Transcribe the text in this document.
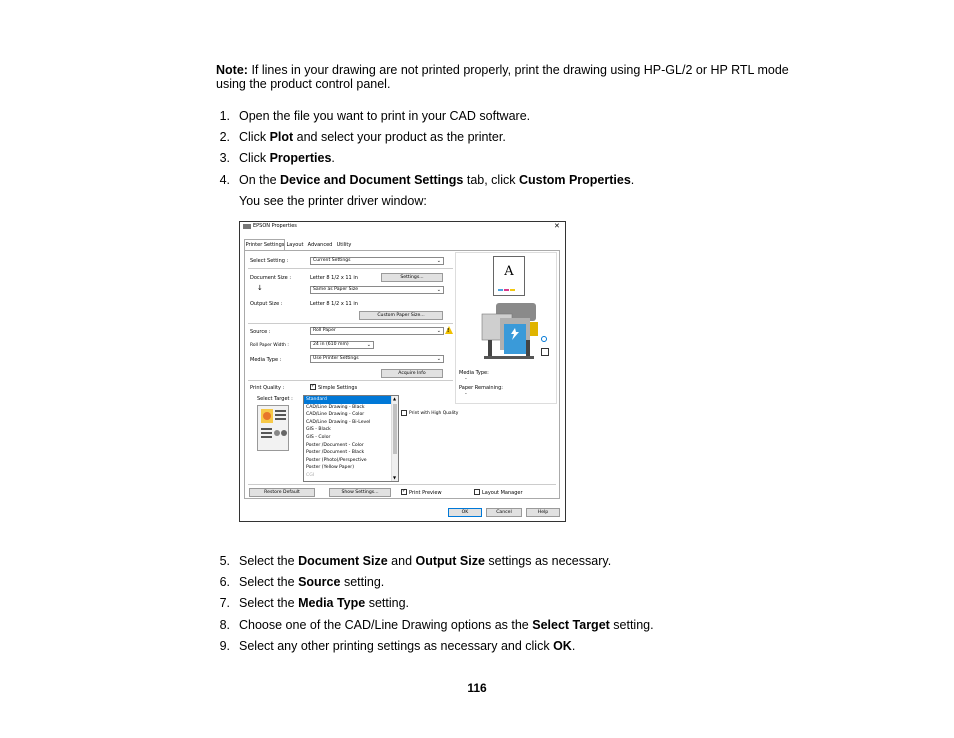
Note: If lines in your drawing are not printed properly, print the drawing using HP-GL/2 or HP RTL mode
using the product control panel.
1. Open the file you want to print in your CAD software.
2. Click Plot and select your product as the printer.
3. Click Properties.
4. On the Device and Document Settings tab, click Custom Properties.
You see the printer driver window:
EPSON Properties	✕
Printer Settings Layout Advanced Utility
Select Setting :	Current Settings	⌄
Document Size :	Letter 8 1/2 x 11 in	Settings...
↓	Same as Paper Size	⌄
Output Size :	Letter 8 1/2 x 11 in
Custom Paper Size...
Source :	Roll Paper	⌄ !
Roll Paper Width :	24 in (610 mm)	⌄
Media Type :	Use Printer Settings	⌄
Acquire Info
Print Quality :	✓ Simple Settings
Select Target :	Standard
CAD/Line Drawing - Black
CAD/Line Drawing - Color
CAD/Line Drawing - Bi-Level
GIS - Black
GIS - Color
Poster /Document - Color
Poster /Document - Black
Poster (Photo)/Perspective
Poster (Yellow Paper)
CGI
▲
▼
Print with High Quality
A
Media Type:
-
Paper Remaining:
-
Restore Default	Show Settings...	✓ Print Preview	Layout Manager
OK	Cancel	Help
5. Select the Document Size and Output Size settings as necessary.
6. Select the Source setting.
7. Select the Media Type setting.
8. Choose one of the CAD/Line Drawing options as the Select Target setting.
9. Select any other printing settings as necessary and click OK.
116
